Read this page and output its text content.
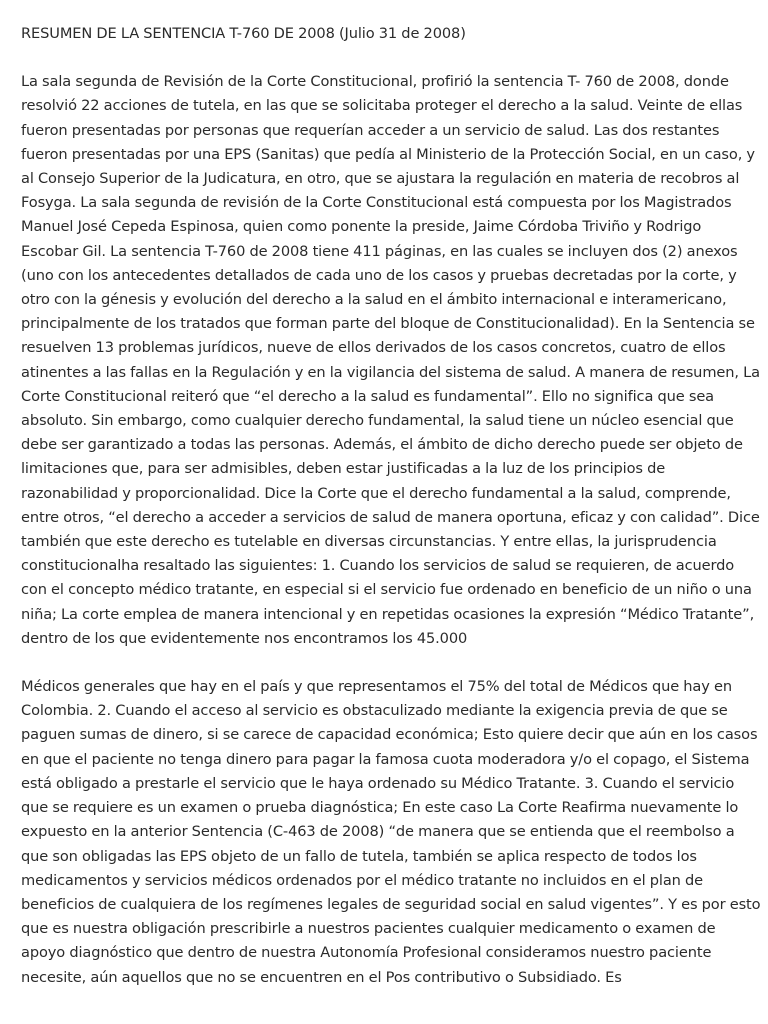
RESUMEN DE LA SENTENCIA T-760 DE 2008 (Julio 31 de 2008)

La sala segunda de Revisión de la Corte Constitucional, profirió la sentencia T- 760 de 2008, donde resolvió 22 acciones de tutela, en las que se solicitaba proteger el derecho a la salud. Veinte de ellas fueron presentadas por personas que requerían acceder a un servicio de salud. Las dos restantes fueron presentadas por una EPS (Sanitas) que pedía al Ministerio de la Protección Social, en un caso, y al Consejo Superior de la Judicatura, en otro, que se ajustara la regulación en materia de recobros al Fosyga. La sala segunda de revisión de la Corte Constitucional está compuesta por los Magistrados Manuel José Cepeda Espinosa, quien como ponente la preside, Jaime Córdoba Triviño y Rodrigo Escobar Gil. La sentencia T-760 de 2008 tiene 411 páginas, en las cuales se incluyen dos (2) anexos (uno con los antecedentes detallados de cada uno de los casos y pruebas decretadas por la corte, y otro con la génesis y evolución del derecho a la salud en el ámbito internacional e interamericano, principalmente de los tratados que forman parte del bloque de Constitucionalidad). En la Sentencia se resuelven 13 problemas jurídicos, nueve de ellos derivados de los casos concretos, cuatro de ellos atinentes a las fallas en la Regulación y en la vigilancia del sistema de salud. A manera de resumen, La Corte Constitucional reiteró que “el derecho a la salud es fundamental”. Ello no significa que sea absoluto. Sin embargo, como cualquier derecho fundamental, la salud tiene un núcleo esencial que debe ser garantizado a todas las personas. Además, el ámbito de dicho derecho puede ser objeto de limitaciones que, para ser admisibles, deben estar justificadas a la luz de los principios de razonabilidad y proporcionalidad. Dice la Corte que el derecho fundamental a la salud, comprende, entre otros, “el derecho a acceder a servicios de salud de manera oportuna, eficaz y con calidad”. Dice también que este derecho es tutelable en diversas circunstancias. Y entre ellas, la jurisprudencia constitucionalha resaltado las siguientes: 1. Cuando los servicios de salud se requieren, de acuerdo con el concepto médico tratante, en especial si el servicio fue ordenado en beneficio de un niño o una niña; La corte emplea de manera intencional y en repetidas ocasiones la expresión “Médico Tratante”, dentro de los que evidentemente nos encontramos los 45.000

Médicos generales que hay en el país y que representamos el 75% del total de Médicos que hay en Colombia. 2. Cuando el acceso al servicio es obstaculizado mediante la exigencia previa de que se paguen sumas de dinero, si se carece de capacidad económica; Esto quiere decir que aún en los casos en que el paciente no tenga dinero para pagar la famosa cuota moderadora y/o el copago, el Sistema está obligado a prestarle el servicio que le haya ordenado su Médico Tratante. 3. Cuando el servicio que se requiere es un examen o prueba diagnóstica; En este caso La Corte Reafirma nuevamente lo expuesto en la anterior Sentencia (C-463 de 2008) “de manera que se entienda que el reembolso a que son obligadas las EPS objeto de un fallo de tutela, también se aplica respecto de todos los medicamentos y servicios médicos ordenados por el médico tratante no incluidos en el plan de beneficios de cualquiera de los regímenes legales de seguridad social en salud vigentes”. Y es por esto que es nuestra obligación prescribirle a nuestros pacientes cualquier medicamento o examen de apoyo diagnóstico que dentro de nuestra Autonomía Profesional consideramos nuestro paciente necesite, aún aquellos que no se encuentren en el Pos contributivo o Subsidiado. Es
